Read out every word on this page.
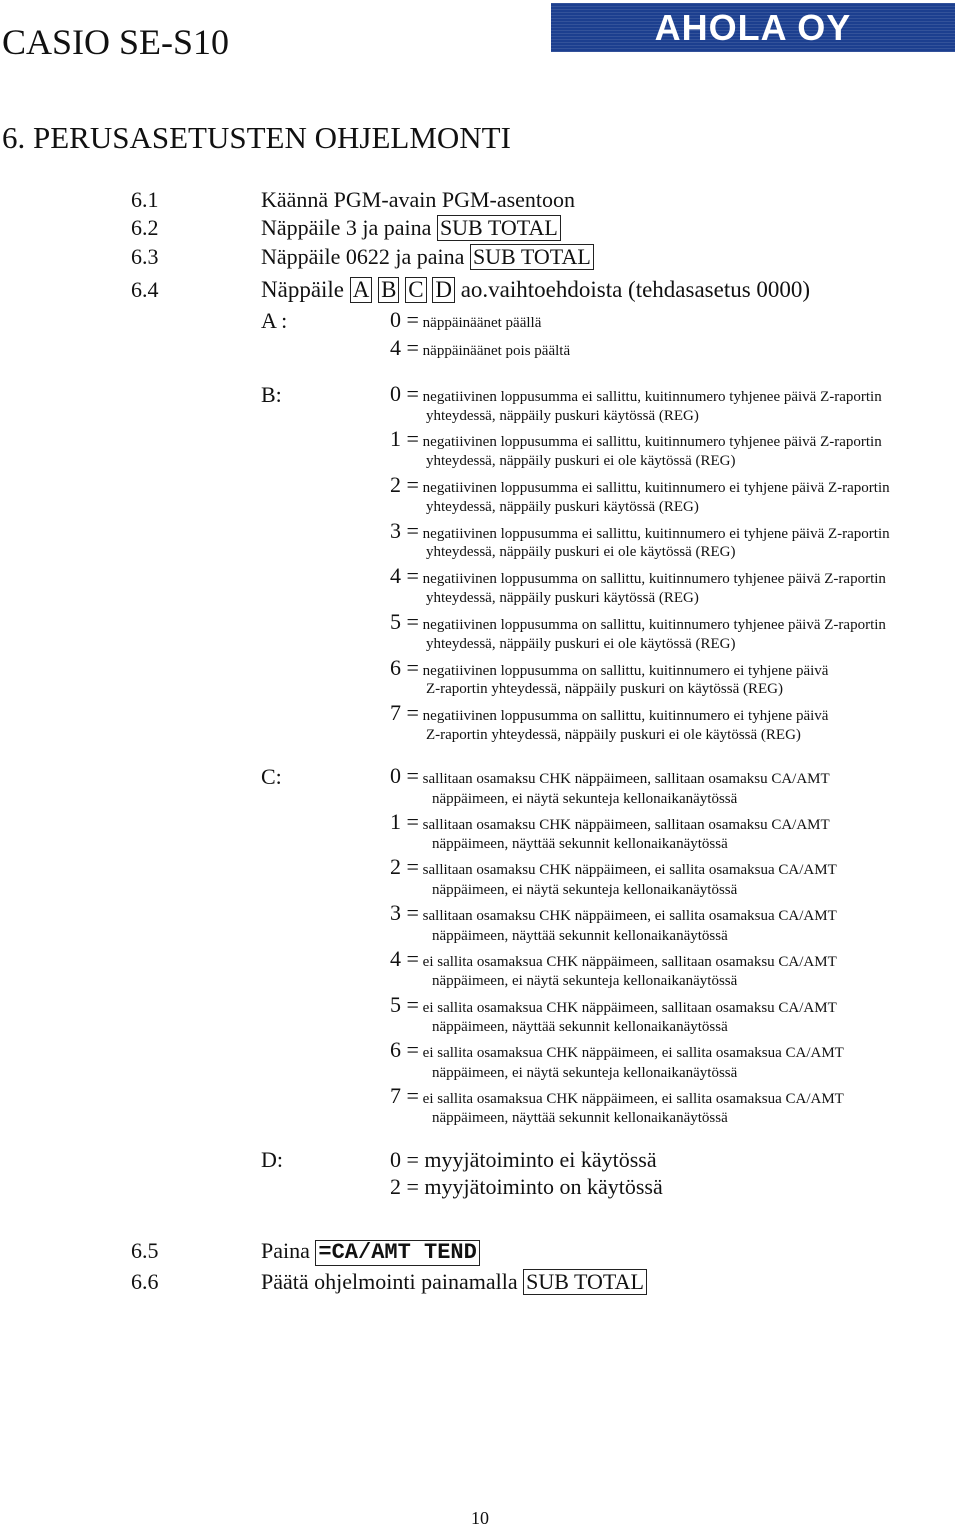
CASIO SE-S10	AHOLA OY
6. PERUSASETUSTEN OHJELMONTI
6.1	Käännä PGM-avain PGM-asentoon
6.2	Näppäile 3 ja paina SUB TOTAL
6.3	Näppäile 0622 ja paina SUB TOTAL
6.4	Näppäile A B C D ao.vaihtoehdoista (tehdasasetus 0000)
A :	0 = näppäinäänet päällä
4 = näppäinäänet pois päältä
B:	0 = negatiivinen loppusumma ei sallittu, kuitinnumero tyhjenee päivä Z-raportin
yhteydessä, näppäily puskuri käytössä (REG)
1 = negatiivinen loppusumma ei sallittu, kuitinnumero tyhjenee päivä Z-raportin
yhteydessä, näppäily puskuri ei ole käytössä (REG)
2 = negatiivinen loppusumma ei sallittu, kuitinnumero ei tyhjene päivä Z-raportin
yhteydessä, näppäily puskuri käytössä (REG)
3 = negatiivinen loppusumma ei sallittu, kuitinnumero ei tyhjene päivä Z-raportin
yhteydessä, näppäily puskuri ei ole käytössä (REG)
4 = negatiivinen loppusumma on sallittu, kuitinnumero tyhjenee päivä Z-raportin
yhteydessä, näppäily puskuri käytössä (REG)
5 = negatiivinen loppusumma on sallittu, kuitinnumero tyhjenee päivä Z-raportin
yhteydessä, näppäily puskuri ei ole käytössä (REG)
6 = negatiivinen loppusumma on sallittu, kuitinnumero ei tyhjene päivä
Z-raportin yhteydessä, näppäily puskuri on käytössä (REG)
7 = negatiivinen loppusumma on sallittu, kuitinnumero ei tyhjene päivä
Z-raportin yhteydessä, näppäily puskuri ei ole käytössä (REG)
C:	0 = sallitaan osamaksu CHK näppäimeen, sallitaan osamaksu CA/AMT
näppäimeen, ei näytä sekunteja kellonaikanäytössä
1 = sallitaan osamaksu CHK näppäimeen, sallitaan osamaksu CA/AMT
näppäimeen, näyttää sekunnit kellonaikanäytössä
2 = sallitaan osamaksu CHK näppäimeen, ei sallita osamaksua CA/AMT
näppäimeen, ei näytä sekunteja kellonaikanäytössä
3 = sallitaan osamaksu CHK näppäimeen, ei sallita osamaksua CA/AMT
näppäimeen, näyttää sekunnit kellonaikanäytössä
4 = ei sallita osamaksua CHK näppäimeen, sallitaan osamaksu CA/AMT
näppäimeen, ei näytä sekunteja kellonaikanäytössä
5 = ei sallita osamaksua CHK näppäimeen, sallitaan osamaksu CA/AMT
näppäimeen, näyttää sekunnit kellonaikanäytössä
6 = ei sallita osamaksua CHK näppäimeen, ei sallita osamaksua CA/AMT
näppäimeen, ei näytä sekunteja kellonaikanäytössä
7 = ei sallita osamaksua CHK näppäimeen, ei sallita osamaksua CA/AMT
näppäimeen, näyttää sekunnit kellonaikanäytössä
D:	0 = myyjätoiminto ei käytössä
2 = myyjätoiminto on käytössä
6.5	Paina =CA/AMT TEND
6.6	Päätä ohjelmointi painamalla SUB TOTAL
10
